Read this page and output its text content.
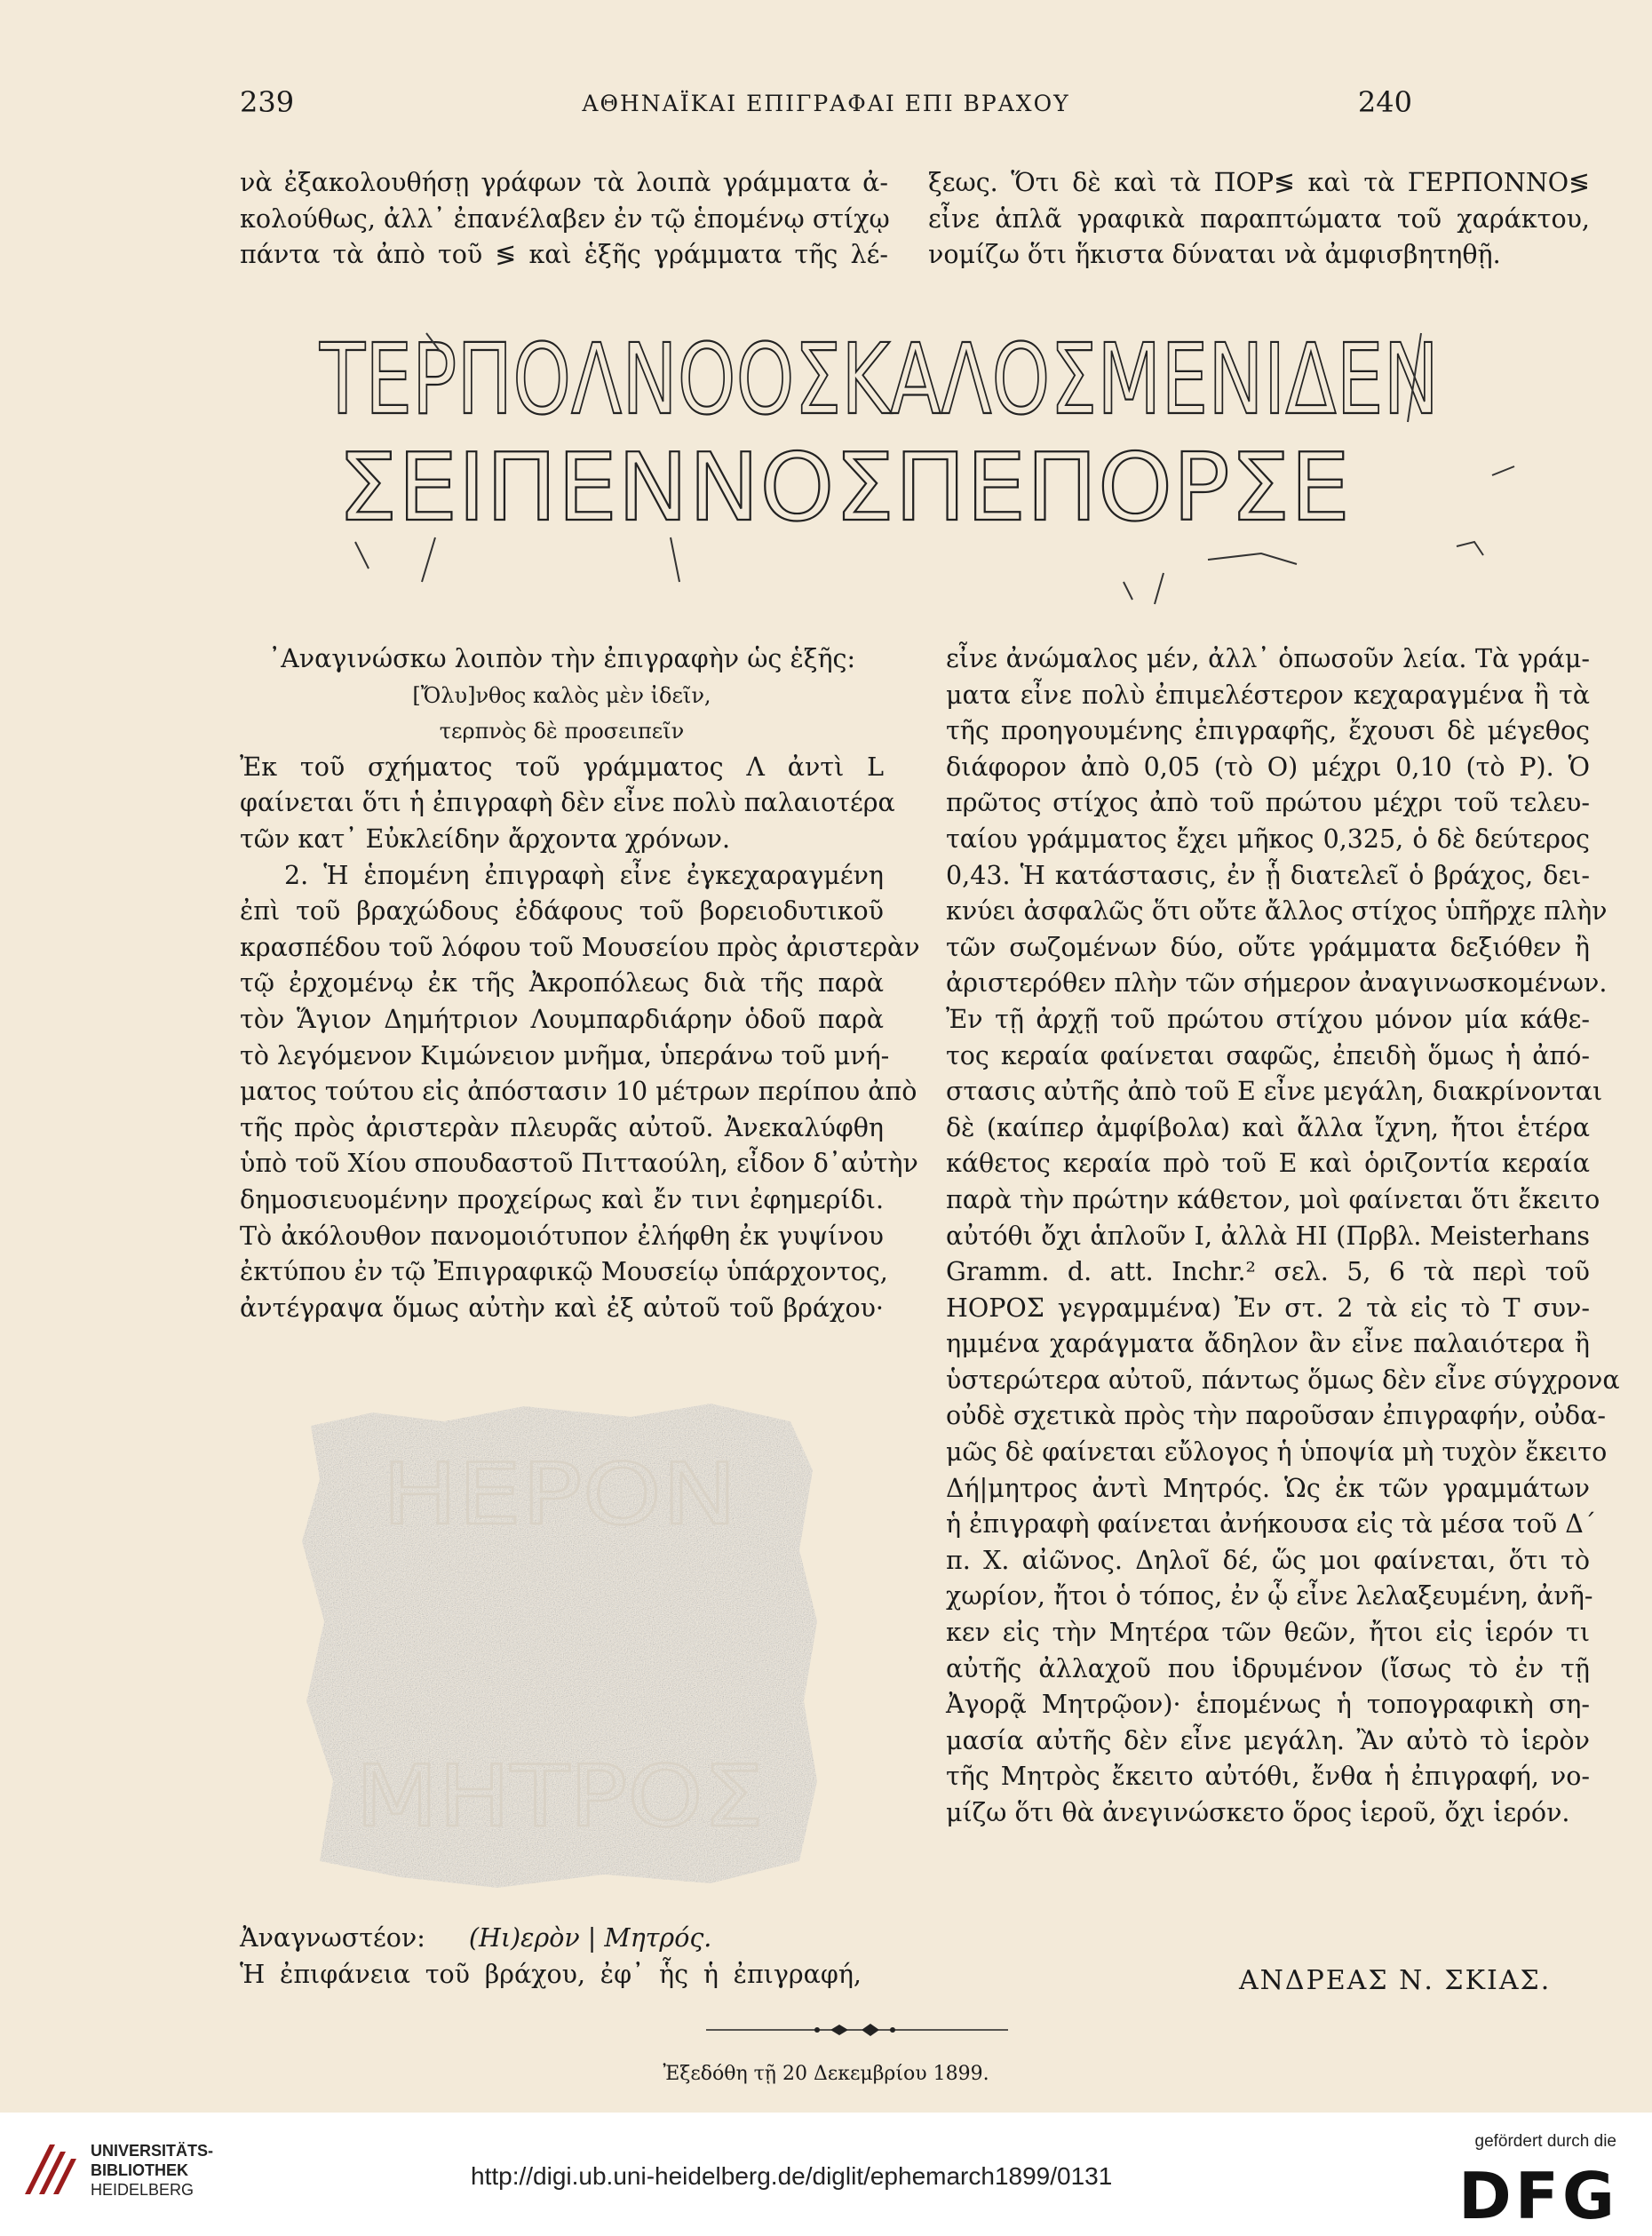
239	ΑΘΗΝΑΪΚΑΙ ΕΠΙΓΡΑΦΑΙ ΕΠΙ ΒΡΑΧΟΥ	240
νὰ ἐξακολουθήσῃ γράφων τὰ λοιπὰ γράμματα ἀ-
κολούθως, ἀλλ᾽ ἐπανέλαβεν ἐν τῷ ἑπομένῳ στίχῳ
πάντα τὰ ἀπὸ τοῦ ≶ καὶ ἑξῆς γράμματα τῆς λέ-
ξεως. Ὅτι δὲ καὶ τὰ ΠΟΡ≶ καὶ τὰ ΓΕΡΠΟΝΝΟ≶
εἶνε ἁπλᾶ γραφικὰ παραπτώματα τοῦ χαράκτου,
νομίζω ὅτι ἥκιστα δύναται νὰ ἀμφισβητηθῇ.
ΤΕΡΠΟΛΝΟΟΣΚΑΛΟΣΜΕΝΙΔΕΝ
ΣΕΙΠΕΝΝΟΣΠΕΠΟΡΣΕ
᾽Αναγινώσκω λοιπὸν τὴν ἐπιγραφὴν ὡς ἑξῆς:
[Ὄλυ]νθος καλὸς μὲν ἰδεῖν,
τερπνὸς δὲ προσειπεῖν
Ἐκ τοῦ σχήματος τοῦ γράμματος Λ ἀντὶ L
φαίνεται ὅτι ἡ ἐπιγραφὴ δὲν εἶνε πολὺ παλαιοτέρα
τῶν κατ᾽ Εὐκλείδην ἄρχοντα χρόνων.
2. Ἡ ἑπομένη ἐπιγραφὴ εἶνε ἐγκεχαραγμένη
ἐπὶ τοῦ βραχώδους ἐδάφους τοῦ βορειοδυτικοῦ
κρασπέδου τοῦ λόφου τοῦ Μουσείου πρὸς ἀριστερὰν
τῷ ἐρχομένῳ ἐκ τῆς Ἀκροπόλεως διὰ τῆς παρὰ
τὸν Ἅγιον Δημήτριον Λουμπαρδιάρην ὁδοῦ παρὰ
τὸ λεγόμενον Κιμώνειον μνῆμα, ὑπεράνω τοῦ μνή-
ματος τούτου εἰς ἀπόστασιν 10 μέτρων περίπου ἀπὸ
τῆς πρὸς ἀριστερὰν πλευρᾶς αὐτοῦ. Ἀνεκαλύφθη
ὑπὸ τοῦ Χίου σπουδαστοῦ Πιτταούλη, εἶδον δ᾽αὐτὴν
δημοσιευομένην προχείρως καὶ ἔν τινι ἐφημερίδι.
Τὸ ἀκόλουθον πανομοιότυπον ἐλήφθη ἐκ γυψίνου
ἐκτύπου ἐν τῷ Ἐπιγραφικῷ Μουσείῳ ὑπάρχοντος,
ἀντέγραψα ὅμως αὐτὴν καὶ ἐξ αὐτοῦ τοῦ βράχου·
ΗΕΡΟΝ
ΜΗΤΡΟΣ
Ἀναγνωστέον: (Ηι)ερὸν | Μητρός.
Ἡ ἐπιφάνεια τοῦ βράχου, ἐφ᾽ ἧς ἡ ἐπιγραφή,
εἶνε ἀνώμαλος μέν, ἀλλ᾽ ὁπωσοῦν λεία. Τὰ γράμ-
ματα εἶνε πολὺ ἐπιμελέστερον κεχαραγμένα ἢ τὰ
τῆς προηγουμένης ἐπιγραφῆς, ἔχουσι δὲ μέγεθος
διάφορον ἀπὸ 0,05 (τὸ Ο) μέχρι 0,10 (τὸ Ρ). Ὁ
πρῶτος στίχος ἀπὸ τοῦ πρώτου μέχρι τοῦ τελευ-
ταίου γράμματος ἔχει μῆκος 0,325, ὁ δὲ δεύτερος
0,43. Ἡ κατάστασις, ἐν ᾗ διατελεῖ ὁ βράχος, δει-
κνύει ἀσφαλῶς ὅτι οὔτε ἄλλος στίχος ὑπῆρχε πλὴν
τῶν σωζομένων δύο, οὔτε γράμματα δεξιόθεν ἢ
ἀριστερόθεν πλὴν τῶν σήμερον ἀναγινωσκομένων.
Ἐν τῇ ἀρχῇ τοῦ πρώτου στίχου μόνον μία κάθε-
τος κεραία φαίνεται σαφῶς, ἐπειδὴ ὅμως ἡ ἀπό-
στασις αὐτῆς ἀπὸ τοῦ Ε εἶνε μεγάλη, διακρίνονται
δὲ (καίπερ ἀμφίβολα) καὶ ἄλλα ἴχνη, ἤτοι ἑτέρα
κάθετος κεραία πρὸ τοῦ Ε καὶ ὁριζοντία κεραία
παρὰ τὴν πρώτην κάθετον, μοὶ φαίνεται ὅτι ἔκειτο
αὐτόθι ὄχι ἁπλοῦν Ι, ἀλλὰ ΗΙ (Πρβλ. Meisterhans
Gramm. d. att. Inchr.² σελ. 5, 6 τὰ περὶ τοῦ
ΗΟΡΟΣ γεγραμμένα) Ἐν στ. 2 τὰ εἰς τὸ Τ συν-
ημμένα χαράγματα ἄδηλον ἂν εἶνε παλαιότερα ἢ
ὑστερώτερα αὐτοῦ, πάντως ὅμως δὲν εἶνε σύγχρονα
οὐδὲ σχετικὰ πρὸς τὴν παροῦσαν ἐπιγραφήν, οὐδα-
μῶς δὲ φαίνεται εὔλογος ἡ ὑποψία μὴ τυχὸν ἔκειτο
Δή|μητρος ἀντὶ Μητρός. Ὡς ἐκ τῶν γραμμάτων
ἡ ἐπιγραφὴ φαίνεται ἀνήκουσα εἰς τὰ μέσα τοῦ Δ´
π. Χ. αἰῶνος. Δηλοῖ δέ, ὥς μοι φαίνεται, ὅτι τὸ
χωρίον, ἤτοι ὁ τόπος, ἐν ᾧ εἶνε λελαξευμένη, ἀνῆ-
κεν εἰς τὴν Μητέρα τῶν θεῶν, ἤτοι εἰς ἱερόν τι
αὐτῆς ἀλλαχοῦ που ἱδρυμένον (ἴσως τὸ ἐν τῇ
Ἀγορᾷ Μητρῷον)· ἑπομένως ἡ τοπογραφικὴ ση-
μασία αὐτῆς δὲν εἶνε μεγάλη. Ἂν αὐτὸ τὸ ἱερὸν
τῆς Μητρὸς ἔκειτο αὐτόθι, ἔνθα ἡ ἐπιγραφή, νο-
μίζω ὅτι θὰ ἀνεγινώσκετο ὅρος ἱεροῦ, ὄχι ἱερόν.
ΑΝΔΡΕΑΣ Ν. ΣΚΙΑΣ.
Ἐξεδόθη τῇ 20 Δεκεμβρίου 1899.
UNIVERSITÄTS-
BIBLIOTHEK
HEIDELBERG	http://digi.ub.uni-heidelberg.de/diglit/ephemarch1899/0131
gefördert durch die
DFG
